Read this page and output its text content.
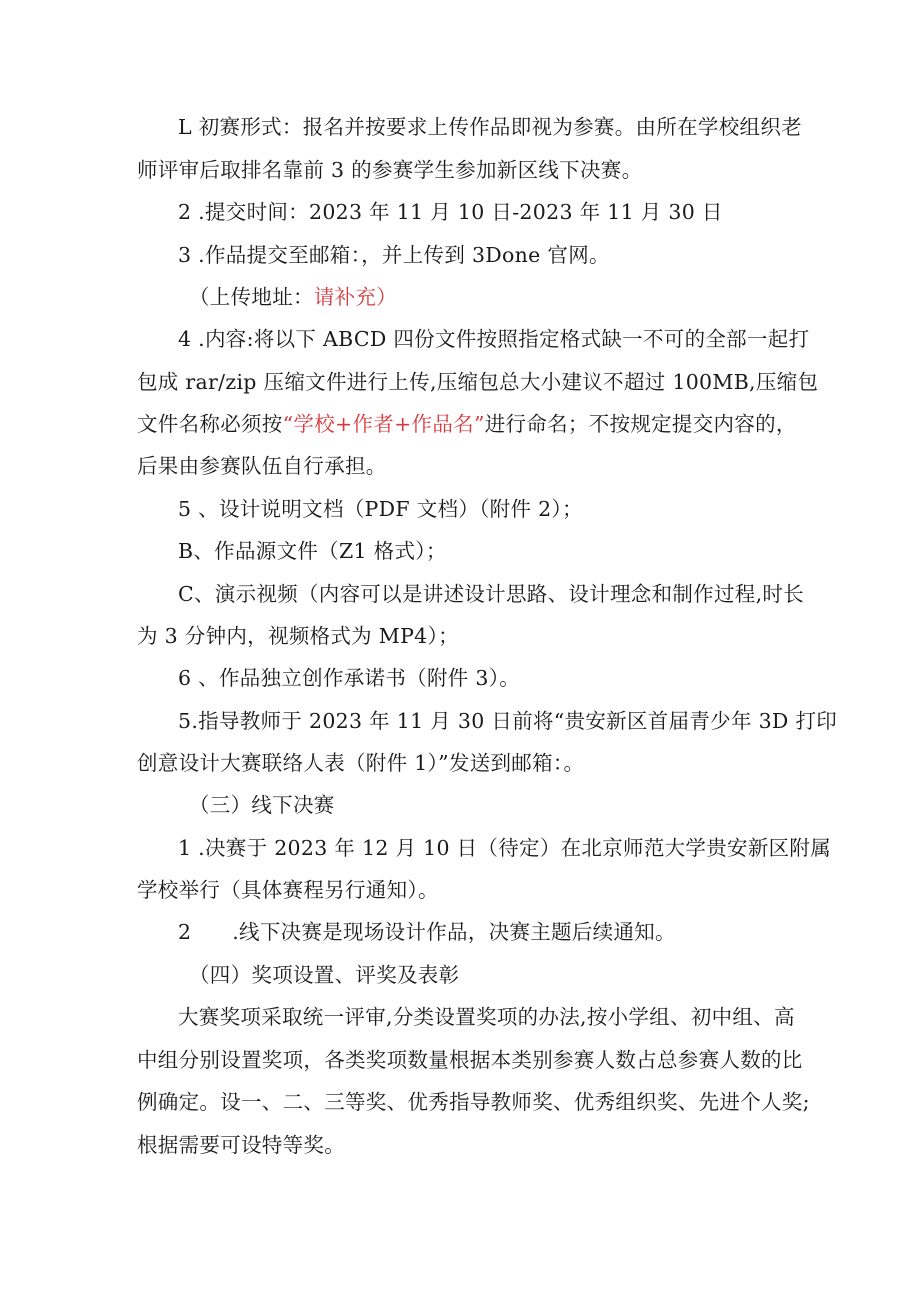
L 初赛形式：报名并按要求上传作品即视为参赛。由所在学校组织老
师评审后取排名靠前 3 的参赛学生参加新区线下决赛。
2 .提交时间：2023 年 11 月 10 日-2023 年 11 月 30 日
3 .作品提交至邮箱：，并上传到 3Done 官网。
（上传地址：请补充）
4 .内容:将以下 ABCD 四份文件按照指定格式缺一不可的全部一起打
包成 rar/zip 压缩文件进行上传,压缩包总大小建议不超过 100MB,压缩包
文件名称必须按“学校+作者+作品名”进行命名；不按规定提交内容的，
后果由参赛队伍自行承担。
5 、设计说明文档（PDF 文档）（附件 2）；
B、作品源文件（Z1 格式）；
C、演示视频（内容可以是讲述设计思路、设计理念和制作过程,时长
为 3 分钟内，视频格式为 MP4）；
6 、作品独立创作承诺书（附件 3）。
5.指导教师于 2023 年 11 月 30 日前将“贵安新区首届青少年 3D 打印
创意设计大赛联络人表（附件 1）”发送到邮箱：。
（三）线下决赛
1 .决赛于 2023 年 12 月 10 日（待定）在北京师范大学贵安新区附属
学校举行（具体赛程另行通知）。
2      .线下决赛是现场设计作品，决赛主题后续通知。
（四）奖项设置、评奖及表彰
大赛奖项采取统一评审,分类设置奖项的办法,按小学组、初中组、高
中组分别设置奖项，各类奖项数量根据本类别参赛人数占总参赛人数的比
例确定。设一、二、三等奖、优秀指导教师奖、优秀组织奖、先进个人奖;
根据需要可设特等奖。
